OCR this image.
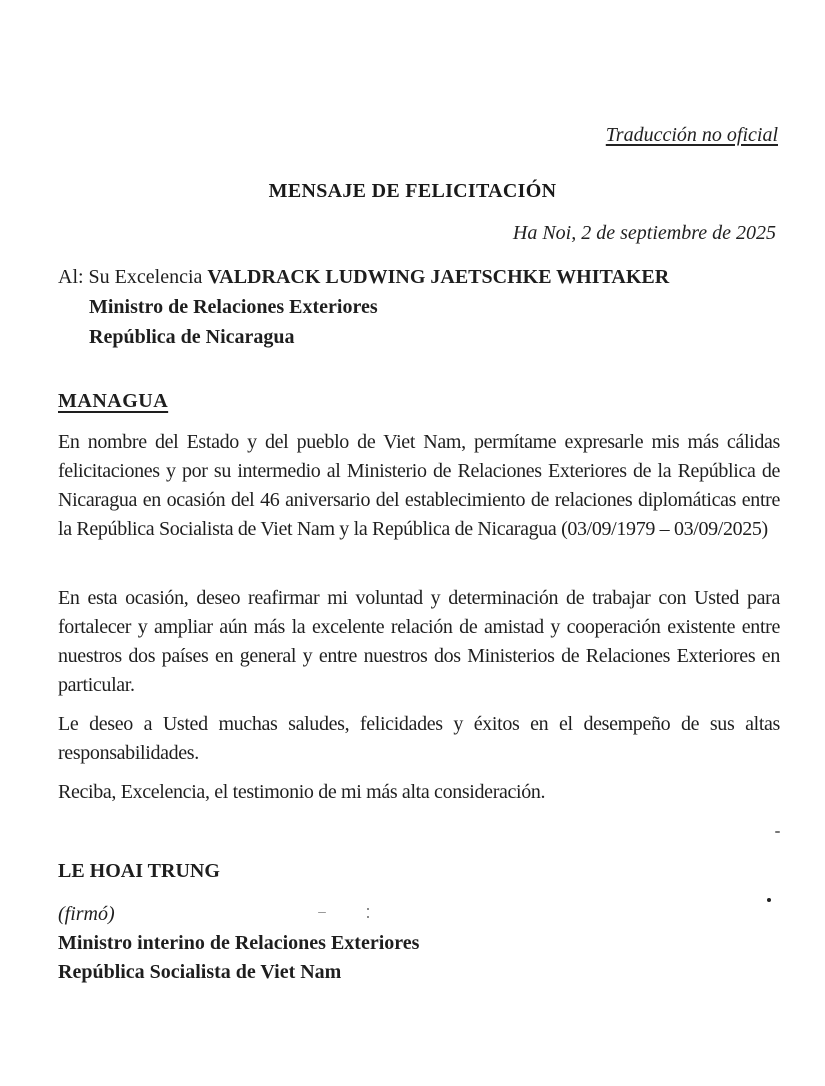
Traducción no oficial
MENSAJE DE FELICITACIÓN
Ha Noi, 2 de septiembre de 2025
Al: Su Excelencia VALDRACK LUDWING JAETSCHKE WHITAKER
Ministro de Relaciones Exteriores
República de Nicaragua
MANAGUA
En nombre del Estado y del pueblo de Viet Nam, permítame expresarle mis más cálidas felicitaciones y por su intermedio al Ministerio de Relaciones Exteriores de la República de Nicaragua en ocasión del 46 aniversario del establecimiento de relaciones diplomáticas entre la República Socialista de Viet Nam y la República de Nicaragua (03/09/1979 – 03/09/2025)
En esta ocasión, deseo reafirmar mi voluntad y determinación de trabajar con Usted para fortalecer y ampliar aún más la excelente relación de amistad y cooperación existente entre nuestros dos países en general y entre nuestros dos Ministerios de Relaciones Exteriores en particular.
Le deseo a Usted muchas saludes, felicidades y éxitos en el desempeño de sus altas responsabilidades.
Reciba, Excelencia, el testimonio de mi más alta consideración.
LE HOAI TRUNG
(firmó)
Ministro interino de Relaciones Exteriores
República Socialista de Viet Nam
